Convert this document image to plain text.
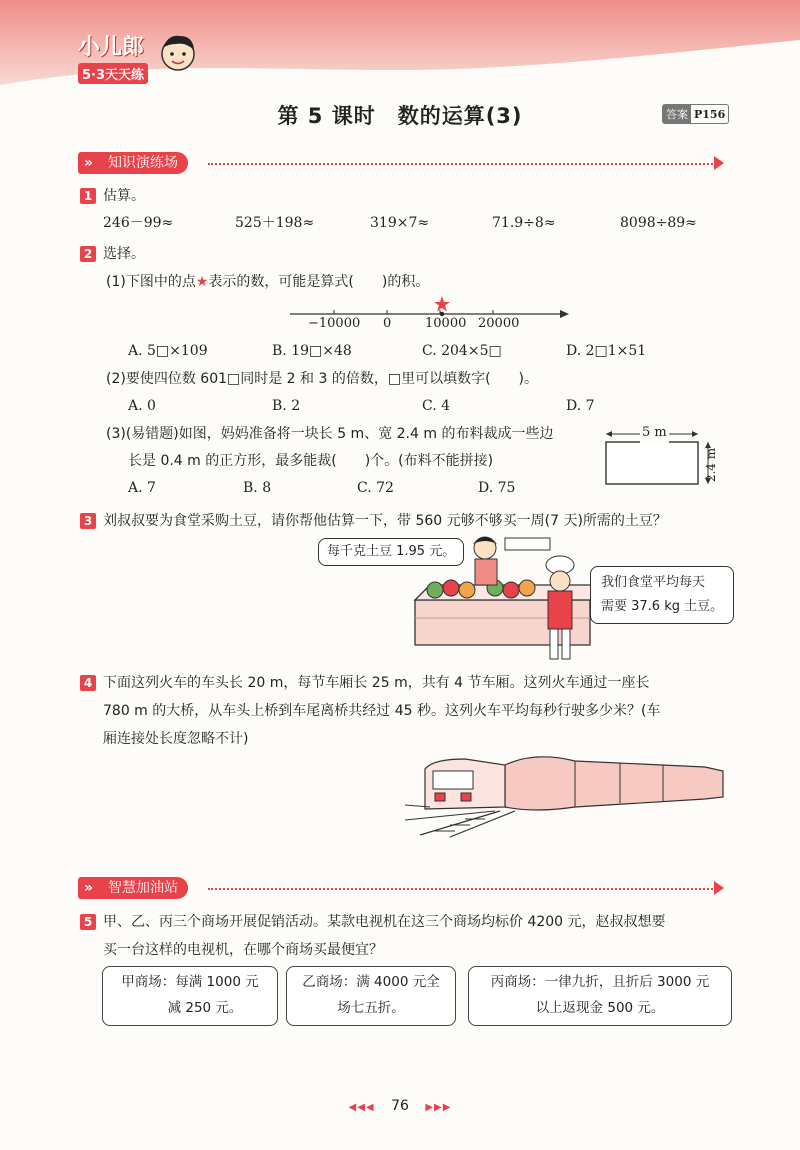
小儿郎
5·3天天练
第 5 课时　数的运算(3)	答案 P156
» 知识演练场
1 估算。
246－99≈	525＋198≈	319×7≈	71.9÷8≈	8098÷89≈
2 选择。
(1)下图中的点★表示的数，可能是算式(　　)的积。
−10000 0	10000 20000
A. 5□×109	B. 19□×48	C. 204×5□	D. 2□1×51
(2)要使四位数 601□同时是 2 和 3 的倍数，□里可以填数字(　　)。
A. 0	B. 2	C. 4	D. 7
(3)(易错题)如图，妈妈准备将一块长 5 m、宽 2.4 m 的布料裁成一些边
长是 0.4 m 的正方形，最多能裁(　　)个。(布料不能拼接)
A. 7	B. 8	C. 72	D. 75
5 m
2.4 m
3 刘叔叔要为食堂采购土豆，请你帮他估算一下，带 560 元够不够买一周(7 天)所需的土豆？
每千克土豆 1.95 元。
我们食堂平均每天
需要 37.6 kg 土豆。
4 下面这列火车的车头长 20 m，每节车厢长 25 m，共有 4 节车厢。这列火车通过一座长
780 m 的大桥，从车头上桥到车尾离桥共经过 45 秒。这列火车平均每秒行驶多少米？(车
厢连接处长度忽略不计)
» 智慧加油站
5 甲、乙、丙三个商场开展促销活动。某款电视机在这三个商场均标价 4200 元，赵叔叔想要
买一台这样的电视机，在哪个商场买最便宜？
甲商场：每满 1000 元
减 250 元。
乙商场：满 4000 元全
场七五折。
丙商场：一律九折，且折后 3000 元
以上返现金 500 元。
◀◀◀ 76 ▶▶▶
